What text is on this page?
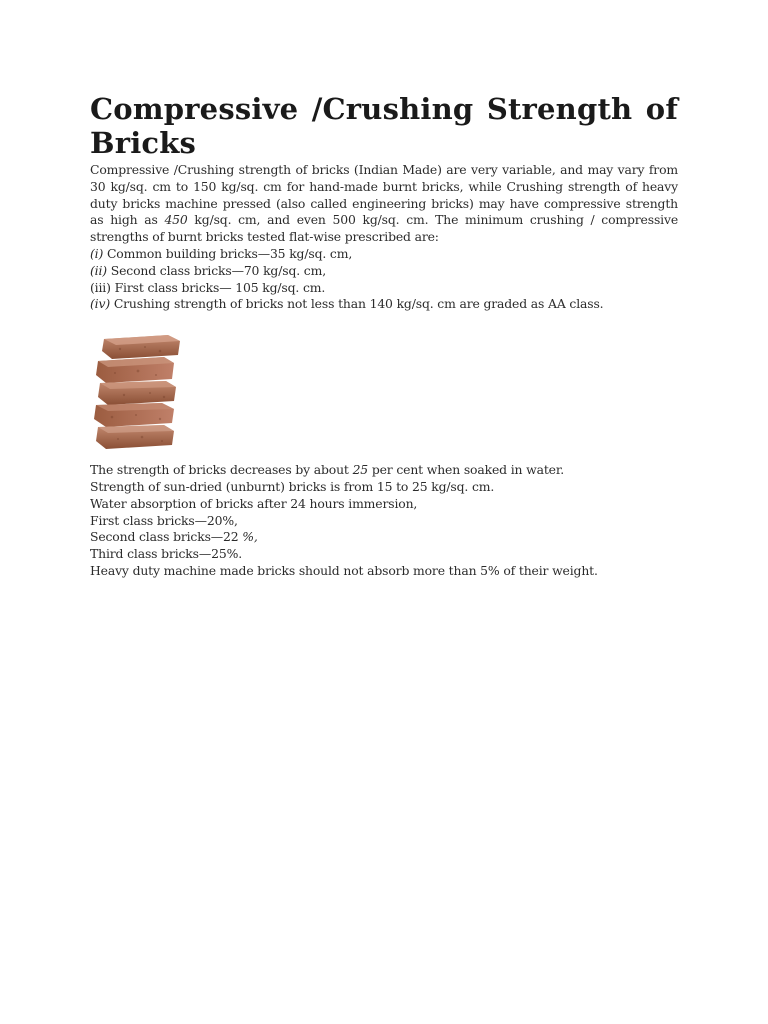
Compressive /Crushing Strength of Bricks

Compressive /Crushing strength of bricks (Indian Made) are very variable, and may vary from 30 kg/sq. cm to 150 kg/sq. cm for hand-made burnt bricks, while Crushing strength of heavy duty bricks machine pressed (also called engineering bricks) may have compressive strength as high as 450 kg/sq. cm, and even 500 kg/sq. cm. The minimum crushing / compressive strengths of burnt bricks tested flat-wise prescribed are:

(i) Common building bricks—35 kg/sq. cm,
(ii) Second class bricks—70 kg/sq. cm,
(iii) First class bricks— 105 kg/sq. cm.
(iv) Crushing strength of bricks not less than 140 kg/sq. cm are graded as AA class.
The strength of bricks decreases by about 25 per cent when soaked in water.
Strength of sun-dried (unburnt) bricks is from 15 to 25 kg/sq. cm.
Water absorption of bricks after 24 hours immersion,
First class bricks—20%,
Second class bricks—22 %,
Third class bricks—25%.
Heavy duty machine made bricks should not absorb more than 5% of their weight.
